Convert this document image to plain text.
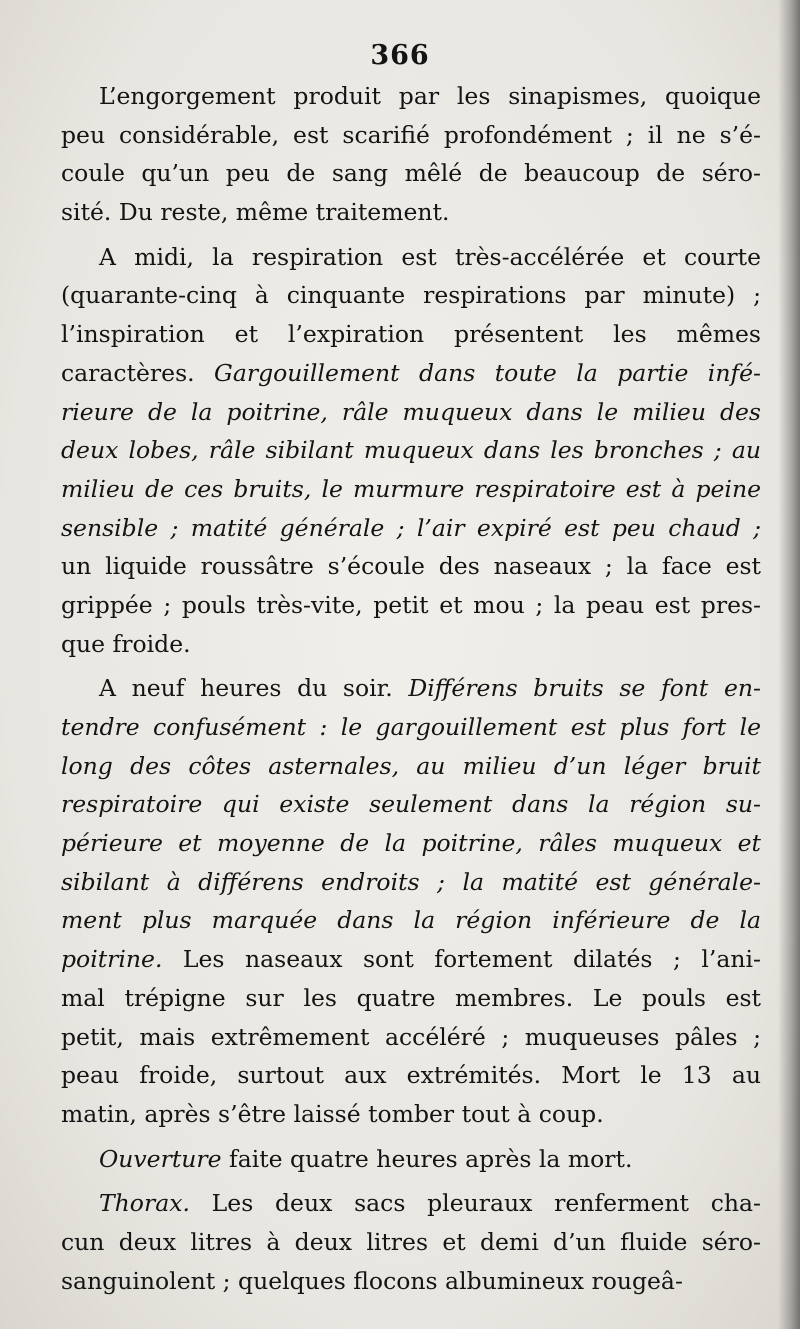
366
L’engorgement produit par les sinapismes, quoique
peu considérable, est scarifié profondément ; il ne s’é-
coule qu’un peu de sang mêlé de beaucoup de séro-
sité. Du reste, même traitement.
A midi, la respiration est très-accélérée et courte
(quarante-cinq à cinquante respirations par minute) ;
l’inspiration et l’expiration présentent les mêmes
caractères. Gargouillement dans toute la partie infé-
rieure de la poitrine, râle muqueux dans le milieu des
deux lobes, râle sibilant muqueux dans les bronches ; au
milieu de ces bruits, le murmure respiratoire est à peine
sensible ; matité générale ; l’air expiré est peu chaud ;
un liquide roussâtre s’écoule des naseaux ; la face est
grippée ; pouls très-vite, petit et mou ; la peau est pres-
que froide.
A neuf heures du soir. Différens bruits se font en-
tendre confusément : le gargouillement est plus fort le
long des côtes asternales, au milieu d’un léger bruit
respiratoire qui existe seulement dans la région su-
périeure et moyenne de la poitrine, râles muqueux et
sibilant à différens endroits ; la matité est générale-
ment plus marquée dans la région inférieure de la
poitrine. Les naseaux sont fortement dilatés ; l’ani-
mal trépigne sur les quatre membres. Le pouls est
petit, mais extrêmement accéléré ; muqueuses pâles ;
peau froide, surtout aux extrémités. Mort le 13 au
matin, après s’être laissé tomber tout à coup.
Ouverture faite quatre heures après la mort.
Thorax. Les deux sacs pleuraux renferment cha-
cun deux litres à deux litres et demi d’un fluide séro-
sanguinolent ; quelques flocons albumineux rougeâ-
